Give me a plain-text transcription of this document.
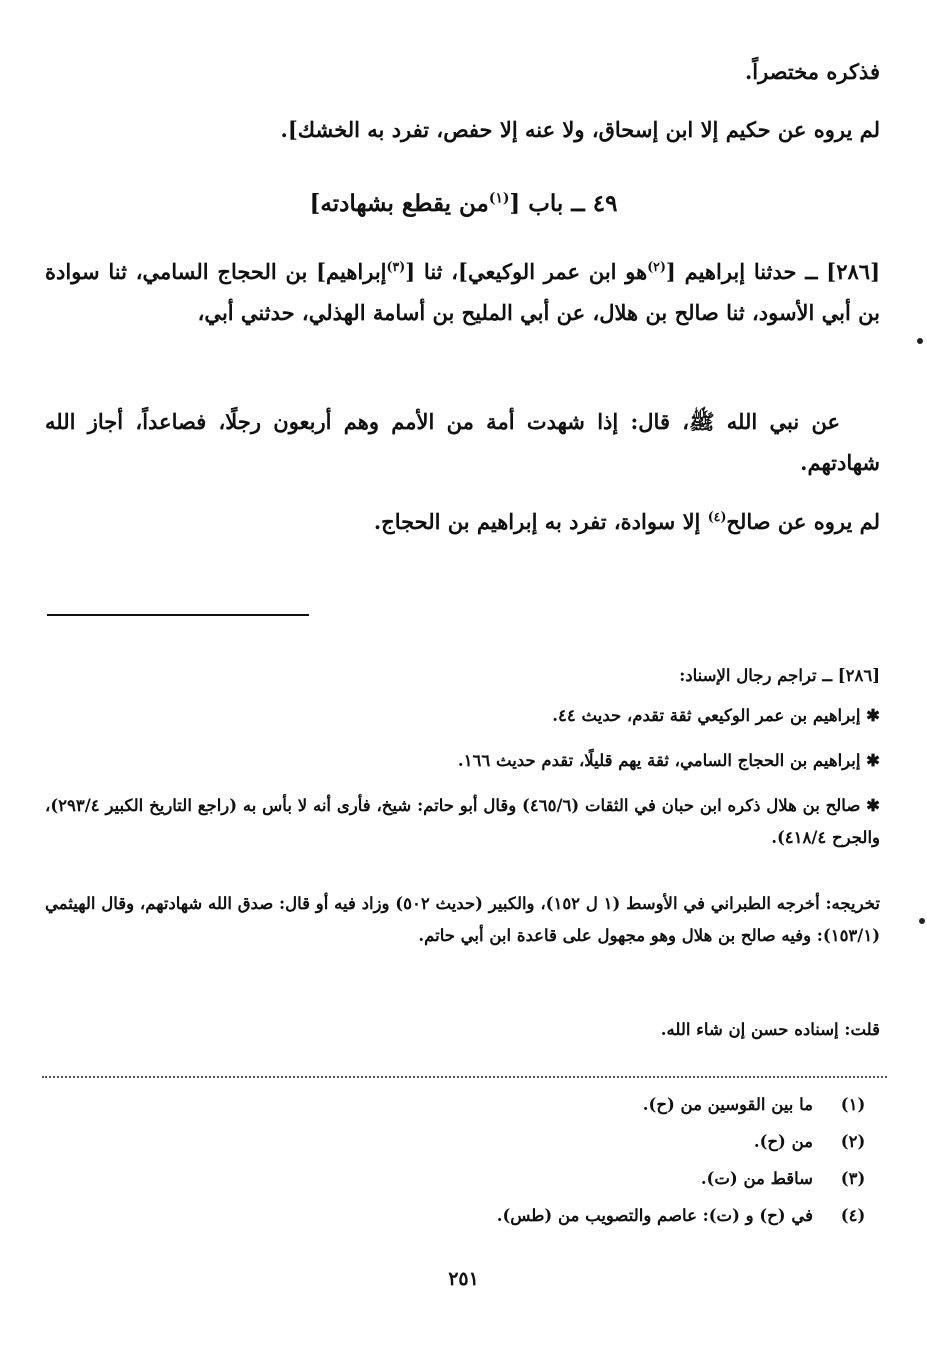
فذكره مختصراً.
لم يروه عن حكيم إلا ابن إسحاق، ولا عنه إلا حفص، تفرد به الخشك].
٤٩ ــ باب [$^{(١)}$من يقطع بشهادته]
[٢٨٦] ــ حدثنا إبراهيم [$^{(٢)}$هو ابن عمر الوكيعي]، ثنا [$^{(٣)}$إبراهيم] بن الحجاج السامي، ثنا سوادة بن أبي الأسود، ثنا صالح بن هلال، عن أبي المليح بن أسامة الهذلي، حدثني أبي،
عن نبي الله ﷺ، قال: إذا شهدت أمة من الأمم وهم أربعون رجلًا، فصاعداً، أجاز الله شهادتهم.
لم يروه عن صالح$^{(٤)}$ إلا سوادة، تفرد به إبراهيم بن الحجاج.
[٢٨٦] ــ تراجم رجال الإسناد:
✱ إبراهيم بن عمر الوكيعي ثقة تقدم، حديث ٤٤.
✱ إبراهيم بن الحجاج السامي، ثقة يهم قليلًا، تقدم حديث ١٦٦.
✱ صالح بن هلال ذكره ابن حبان في الثقات (٤٦٥/٦) وقال أبو حاتم: شيخ، فأرى أنه لا بأس به (راجع التاريخ الكبير ٢٩٣/٤)، والجرح ٤١٨/٤).
تخريجه: أخرجه الطبراني في الأوسط (١ ل ١٥٢)، والكبير (حديث ٥٠٢) وزاد فيه أو قال: صدق الله شهادتهم، وقال الهيثمي (١٥٣/١): وفيه صالح بن هلال وهو مجهول على قاعدة ابن أبي حاتم.
قلت: إسناده حسن إن شاء الله.
(١)
ما بين القوسين من (ح).
(٢)
من (ح).
(٣)
ساقط من (ت).
(٤)
في (ح) و (ت): عاصم والتصويب من (طس).
٢٥١
